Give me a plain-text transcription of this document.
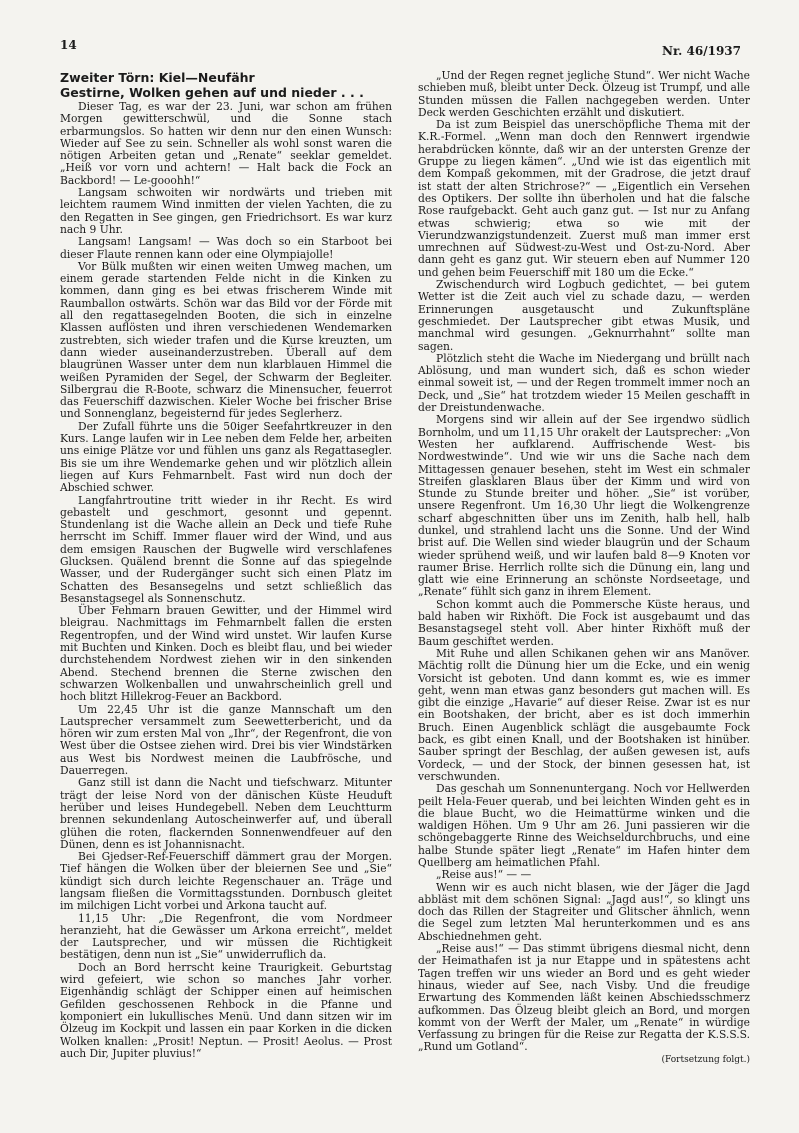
14	Nr. 46/1937
Zweiter Törn: Kiel—Neufähr
Gestirne, Wolken gehen auf und nieder . . .

Dieser Tag, es war der 23. Juni, war schon am frühen Morgen gewitterschwül, und die Sonne stach erbarmungslos. So hatten wir denn nur den einen Wunsch: Wieder auf See zu sein. Schneller als wohl sonst waren die nötigen Arbeiten getan und „Renate“ seeklar gemeldet. „Heiß vor vorn und achtern! — Halt back die Fock an Backbord! — Le-gooohh!“

Langsam schwoiten wir nordwärts und trieben mit leichtem raumem Wind inmitten der vielen Yachten, die zu den Regatten in See gingen, gen Friedrichsort. Es war kurz nach 9 Uhr.

Langsam! Langsam! — Was doch so ein Starboot bei dieser Flaute rennen kann oder eine Olympiajolle!

Vor Bülk mußten wir einen weiten Umweg machen, um einem gerade startenden Felde nicht in die Kinken zu kommen, dann ging es bei etwas frischerem Winde mit Raumballon ostwärts. Schön war das Bild vor der Förde mit all den regattasegelnden Booten, die sich in einzelne Klassen auflösten und ihren verschiedenen Wendemarken zustrebten, sich wieder trafen und die Kurse kreuzten, um dann wieder auseinanderzustreben. Überall auf dem blaugrünen Wasser unter dem nun klarblauen Himmel die weißen Pyramiden der Segel, der Schwarm der Begleiter. Silbergrau die R-Boote, schwarz die Minensucher, feuerrot das Feuerschiff dazwischen. Kieler Woche bei frischer Brise und Sonnenglanz, begeisternd für jedes Seglerherz.

Der Zufall führte uns die 50iger Seefahrtkreuzer in den Kurs. Lange laufen wir in Lee neben dem Felde her, arbeiten uns einige Plätze vor und fühlen uns ganz als Regattasegler. Bis sie um ihre Wendemarke gehen und wir plötzlich allein liegen auf Kurs Fehmarnbelt. Fast wird nun doch der Abschied schwer.

Langfahrtroutine tritt wieder in ihr Recht. Es wird gebastelt und geschmort, gesonnt und gepennt. Stundenlang ist die Wache allein an Deck und tiefe Ruhe herrscht im Schiff. Immer flauer wird der Wind, und aus dem emsigen Rauschen der Bugwelle wird verschlafenes Glucksen. Quälend brennt die Sonne auf das spiegelnde Wasser, und der Rudergänger sucht sich einen Platz im Schatten des Besansegelns und setzt schließlich das Besanstagsegel als Sonnenschutz.

Über Fehmarn brauen Gewitter, und der Himmel wird bleigrau. Nachmittags im Fehmarnbelt fallen die ersten Regentropfen, und der Wind wird unstet. Wir laufen Kurse mit Buchten und Kinken. Doch es bleibt flau, und bei wieder durchstehendem Nordwest ziehen wir in den sinkenden Abend. Stechend brennen die Sterne zwischen den schwarzen Wolkenballen und unwahrscheinlich grell und hoch blitzt Hillekrog-Feuer an Backbord.

Um 22,45 Uhr ist die ganze Mannschaft um den Lautsprecher versammelt zum Seewetterbericht, und da hören wir zum ersten Mal von „Ihr“, der Regenfront, die von West über die Ostsee ziehen wird. Drei bis vier Windstärken aus West bis Nordwest meinen die Laubfrösche, und Dauerregen.

Ganz still ist dann die Nacht und tiefschwarz. Mitunter trägt der leise Nord von der dänischen Küste Heuduft herüber und leises Hundegebell. Neben dem Leuchtturm brennen sekundenlang Autoscheinwerfer auf, und überall glühen die roten, flackernden Sonnenwendfeuer auf den Dünen, denn es ist Johannisnacht.

Bei Gjedser-Ref-Feuerschiff dämmert grau der Morgen. Tief hängen die Wolken über der bleiernen See und „Sie“ kündigt sich durch leichte Regenschauer an. Träge und langsam fließen die Vormittagsstunden. Dornbusch gleitet im milchigen Licht vorbei und Arkona taucht auf.

11,15 Uhr: „Die Regenfront, die vom Nordmeer heranzieht, hat die Gewässer um Arkona erreicht“, meldet der Lautsprecher, und wir müssen die Richtigkeit bestätigen, denn nun ist „Sie“ unwiderruflich da.

Doch an Bord herrscht keine Traurigkeit. Geburtstag wird gefeiert, wie schon so manches Jahr vorher. Eigenhändig schlägt der Schipper einen auf heimischen Gefilden geschossenen Rehbock in die Pfanne und komponiert ein lukullisches Menü. Und dann sitzen wir im Ölzeug im Kockpit und lassen ein paar Korken in die dicken Wolken knallen: „Prosit! Neptun. — Prosit! Aeolus. — Prost auch Dir, Jupiter pluvius!“

„Und der Regen regnet jegliche Stund“. Wer nicht Wache schieben muß, bleibt unter Deck. Ölzeug ist Trumpf, und alle Stunden müssen die Fallen nachgegeben werden. Unter Deck werden Geschichten erzählt und diskutiert.

Da ist zum Beispiel das unerschöpfliche Thema mit der K.R.-Formel. „Wenn man doch den Rennwert irgendwie herabdrücken könnte, daß wir an der untersten Grenze der Gruppe zu liegen kämen“. „Und wie ist das eigentlich mit dem Kompaß gekommen, mit der Gradrose, die jetzt drauf ist statt der alten Strichrose?“ — „Eigentlich ein Versehen des Optikers. Der sollte ihn überholen und hat die falsche Rose raufgebackt. Geht auch ganz gut. — Ist nur zu Anfang etwas schwierig; etwa so wie mit der Vierundzwanzigstundenzeit. Zuerst muß man immer erst umrechnen auf Südwest-zu-West und Ost-zu-Nord. Aber dann geht es ganz gut. Wir steuern eben auf Nummer 120 und gehen beim Feuerschiff mit 180 um die Ecke.“

Zwischendurch wird Logbuch gedichtet, — bei gutem Wetter ist die Zeit auch viel zu schade dazu, — werden Erinnerungen ausgetauscht und Zukunftspläne geschmiedet. Der Lautsprecher gibt etwas Musik, und manchmal wird gesungen. „Geknurrhahnt“ sollte man sagen.

Plötzlich steht die Wache im Niedergang und brüllt nach Ablösung, und man wundert sich, daß es schon wieder einmal soweit ist, — und der Regen trommelt immer noch an Deck, und „Sie“ hat trotzdem wieder 15 Meilen geschafft in der Dreistundenwache.

Morgens sind wir allein auf der See irgendwo südlich Bornholm, und um 11,15 Uhr orakelt der Lautsprecher: „Von Westen her aufklarend. Auffrischende West- bis Nordwestwinde“. Und wie wir uns die Sache nach dem Mittagessen genauer besehen, steht im West ein schmaler Streifen glasklaren Blaus über der Kimm und wird von Stunde zu Stunde breiter und höher. „Sie“ ist vorüber, unsere Regenfront. Um 16,30 Uhr liegt die Wolkengrenze scharf abgeschnitten über uns im Zenith, halb hell, halb dunkel, und strahlend lacht uns die Sonne. Und der Wind brist auf. Die Wellen sind wieder blaugrün und der Schaum wieder sprühend weiß, und wir laufen bald 8—9 Knoten vor raumer Brise. Herrlich rollte sich die Dünung ein, lang und glatt wie eine Erinnerung an schönste Nordseetage, und „Renate“ fühlt sich ganz in ihrem Element.

Schon kommt auch die Pommersche Küste heraus, und bald haben wir Rixhöft. Die Fock ist ausgebaumt und das Besanstagsegel steht voll. Aber hinter Rixhöft muß der Baum geschiftet werden.

Mit Ruhe und allen Schikanen gehen wir ans Manöver. Mächtig rollt die Dünung hier um die Ecke, und ein wenig Vorsicht ist geboten. Und dann kommt es, wie es immer geht, wenn man etwas ganz besonders gut machen will. Es gibt die einzige „Havarie“ auf dieser Reise. Zwar ist es nur ein Bootshaken, der bricht, aber es ist doch immerhin Bruch. Einen Augenblick schlägt die ausgebaumte Fock back, es gibt einen Knall, und der Bootshaken ist hinüber. Sauber springt der Beschlag, der außen gewesen ist, aufs Vordeck, — und der Stock, der binnen gesessen hat, ist verschwunden.

Das geschah um Sonnenuntergang. Noch vor Hellwerden peilt Hela-Feuer querab, und bei leichten Winden geht es in die blaue Bucht, wo die Heimattürme winken und die waldigen Höhen. Um 9 Uhr am 26. Juni passieren wir die schöngebaggerte Rinne des Weichseldurchbruchs, und eine halbe Stunde später liegt „Renate“ im Hafen hinter dem Quellberg am heimatlichen Pfahl.

„Reise aus!“ — —

Wenn wir es auch nicht blasen, wie der Jäger die Jagd abbläst mit dem schönen Signal: „Jagd aus!“, so klingt uns doch das Rillen der Stagreiter und Glitscher ähnlich, wenn die Segel zum letzten Mal herunterkommen und es ans Abschiednehmen geht.

„Reise aus!“ — Das stimmt übrigens diesmal nicht, denn der Heimathafen ist ja nur Etappe und in spätestens acht Tagen treffen wir uns wieder an Bord und es geht wieder hinaus, wieder auf See, nach Visby. Und die freudige Erwartung des Kommenden läßt keinen Abschiedsschmerz aufkommen. Das Ölzeug bleibt gleich an Bord, und morgen kommt von der Werft der Maler, um „Renate“ in würdige Verfassung zu bringen für die Reise zur Regatta der K.S.S.S. „Rund um Gotland“.

(Fortsetzung folgt.)
